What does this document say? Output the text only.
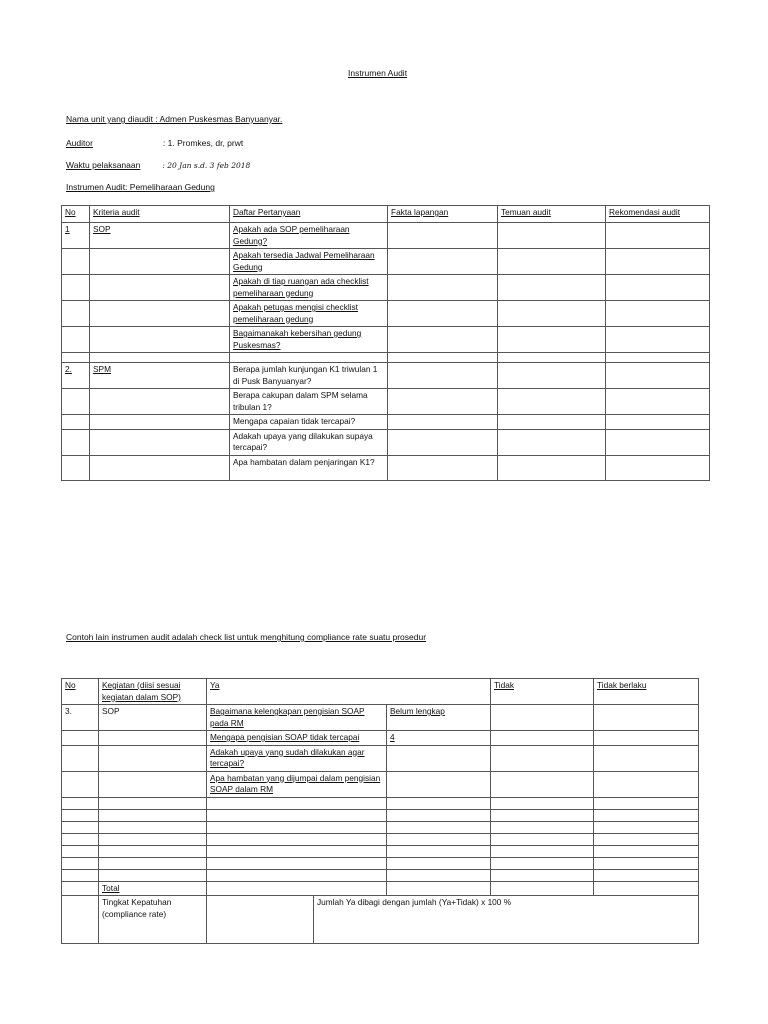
Instrumen Audit
Nama unit yang diaudit : Admen Puskesmas Banyuanyar.
Auditor	: 1. Promkes, dr, prwt
Waktu pelaksanaan	: 20 Jan s.d. 3 feb 2018
Instrumen Audit: Pemeliharaan Gedung
No	Kriteria audit	Daftar Pertanyaan	Fakta lapangan	Temuan audit	Rekomendasi audit
1	SOP	Apakah ada SOP pemeliharaan Gedung?			
		Apakah tersedia Jadwal Pemeliharaan Gedung			
		Apakah di tiap ruangan ada checklist pemeliharaan gedung			
		Apakah petugas mengisi checklist pemeliharaan gedung			
		Bagaimanakah kebersihan gedung Puskesmas?			

2.	SPM	Berapa jumlah kunjungan K1 triwulan 1 di Pusk Banyuanyar?			
		Berapa cakupan dalam SPM selama tribulan 1?			
		Mengapa capaian tidak tercapai?			
		Adakah upaya yang dilakukan supaya tercapai?			
		Apa hambatan dalam penjaringan K1?			
Contoh lain instrumen audit adalah check list untuk menghitung compliance rate suatu prosedur
No	Kegiatan (diisi sesuai kegiatan dalam SOP)	Ya			Tidak	Tidak berlaku
3.	SOP	Bagaimana kelengkapan pengisian SOAP pada RM		Belum lengkap		
		Mengapa pengisian SOAP tidak tercapai		4		
		Adakah upaya yang sudah dilakukan agar tercapai?				
		Apa hambatan yang dijumpai dalam pengisian SOAP dalam RM				

	Total					
	Tingkat Kepatuhan (compliance rate)		Jumlah Ya dibagi dengan jumlah (Ya+Tidak) x 100 %			
